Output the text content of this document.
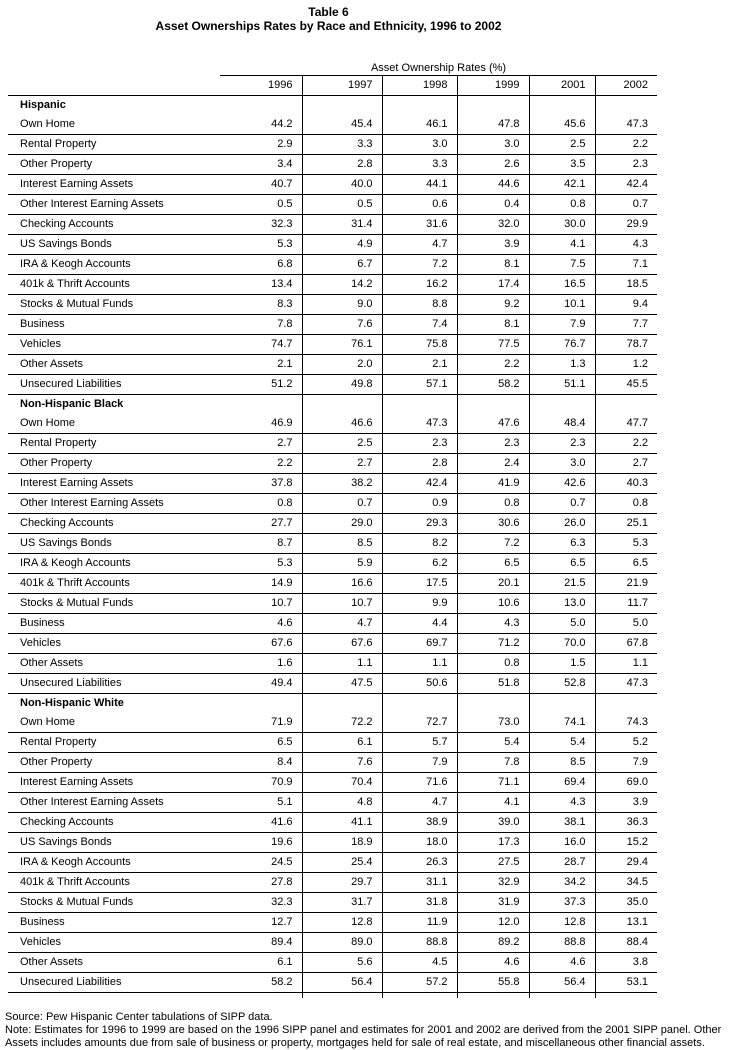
Table 6
Asset Ownerships Rates by Race and Ethnicity, 1996 to 2002
	Asset Ownership Rates (%)					
	1996	1997	1998	1999	2001	2002
Hispanic						
Own Home	44.2	45.4	46.1	47.8	45.6	47.3
Rental Property	2.9	3.3	3.0	3.0	2.5	2.2
Other Property	3.4	2.8	3.3	2.6	3.5	2.3
Interest Earning Assets	40.7	40.0	44.1	44.6	42.1	42.4
Other Interest Earning Assets	0.5	0.5	0.6	0.4	0.8	0.7
Checking Accounts	32.3	31.4	31.6	32.0	30.0	29.9
US Savings Bonds	5.3	4.9	4.7	3.9	4.1	4.3
IRA & Keogh Accounts	6.8	6.7	7.2	8.1	7.5	7.1
401k & Thrift Accounts	13.4	14.2	16.2	17.4	16.5	18.5
Stocks & Mutual Funds	8.3	9.0	8.8	9.2	10.1	9.4
Business	7.8	7.6	7.4	8.1	7.9	7.7
Vehicles	74.7	76.1	75.8	77.5	76.7	78.7
Other Assets	2.1	2.0	2.1	2.2	1.3	1.2
Unsecured Liabilities	51.2	49.8	57.1	58.2	51.1	45.5
Non-Hispanic Black						
Own Home	46.9	46.6	47.3	47.6	48.4	47.7
Rental Property	2.7	2.5	2.3	2.3	2.3	2.2
Other Property	2.2	2.7	2.8	2.4	3.0	2.7
Interest Earning Assets	37.8	38.2	42.4	41.9	42.6	40.3
Other Interest Earning Assets	0.8	0.7	0.9	0.8	0.7	0.8
Checking Accounts	27.7	29.0	29.3	30.6	26.0	25.1
US Savings Bonds	8.7	8.5	8.2	7.2	6.3	5.3
IRA & Keogh Accounts	5.3	5.9	6.2	6.5	6.5	6.5
401k & Thrift Accounts	14.9	16.6	17.5	20.1	21.5	21.9
Stocks & Mutual Funds	10.7	10.7	9.9	10.6	13.0	11.7
Business	4.6	4.7	4.4	4.3	5.0	5.0
Vehicles	67.6	67.6	69.7	71.2	70.0	67.8
Other Assets	1.6	1.1	1.1	0.8	1.5	1.1
Unsecured Liabilities	49.4	47.5	50.6	51.8	52.8	47.3
Non-Hispanic White						
Own Home	71.9	72.2	72.7	73.0	74.1	74.3
Rental Property	6.5	6.1	5.7	5.4	5.4	5.2
Other Property	8.4	7.6	7.9	7.8	8.5	7.9
Interest Earning Assets	70.9	70.4	71.6	71.1	69.4	69.0
Other Interest Earning Assets	5.1	4.8	4.7	4.1	4.3	3.9
Checking Accounts	41.6	41.1	38.9	39.0	38.1	36.3
US Savings Bonds	19.6	18.9	18.0	17.3	16.0	15.2
IRA & Keogh Accounts	24.5	25.4	26.3	27.5	28.7	29.4
401k & Thrift Accounts	27.8	29.7	31.1	32.9	34.2	34.5
Stocks & Mutual Funds	32.3	31.7	31.8	31.9	37.3	35.0
Business	12.7	12.8	11.9	12.0	12.8	13.1
Vehicles	89.4	89.0	88.8	89.2	88.8	88.4
Other Assets	6.1	5.6	4.5	4.6	4.6	3.8
Unsecured Liabilities	58.2	56.4	57.2	55.8	56.4	53.1

Source: Pew Hispanic Center tabulations of SIPP data.
Note: Estimates for 1996 to 1999 are based on the 1996 SIPP panel and estimates for 2001 and 2002 are derived from the 2001 SIPP panel. Other Assets includes amounts due from sale of business or property, mortgages held for sale of real estate, and miscellaneous other financial assets.
